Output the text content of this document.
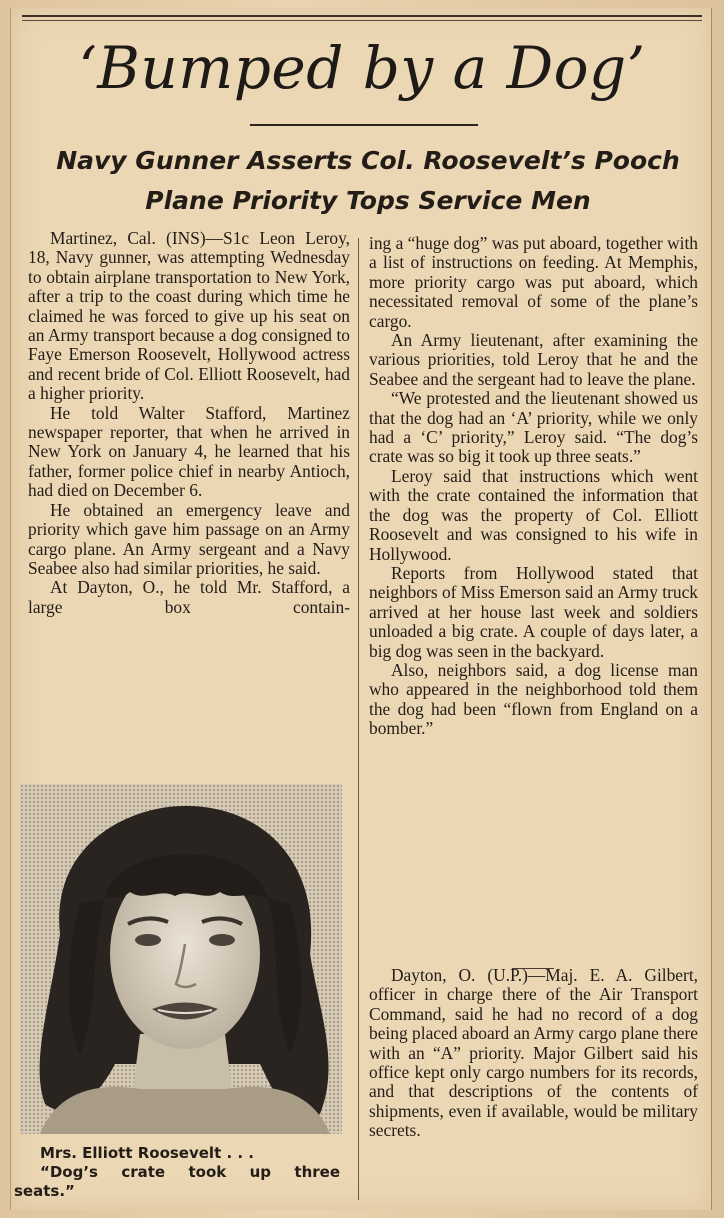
‘Bumped by a Dog’
Navy Gunner Asserts Col. Roosevelt’s Pooch
Plane Priority Tops Service Men

Martinez, Cal. (INS)—S1c Leon Leroy, 18, Navy gunner, was attempting Wednesday to obtain airplane transportation to New York, after a trip to the coast during which time he claimed he was forced to give up his seat on an Army transport because a dog consigned to Faye Emerson Roosevelt, Hollywood actress and recent bride of Col. Elliott Roosevelt, had a higher priority.

He told Walter Stafford, Martinez newspaper reporter, that when he arrived in New York on January 4, he learned that his father, former police chief in nearby Antioch, had died on December 6.

He obtained an emergency leave and priority which gave him passage on an Army cargo plane. An Army sergeant and a Navy Seabee also had similar priorities, he said.

At Dayton, O., he told Mr. Stafford, a large box contain-

ing a “huge dog” was put aboard, together with a list of instructions on feeding. At Memphis, more priority cargo was put aboard, which necessitated removal of some of the plane’s cargo.

An Army lieutenant, after examining the various priorities, told Leroy that he and the Seabee and the sergeant had to leave the plane.

“We protested and the lieutenant showed us that the dog had an ‘A’ priority, while we only had a ‘C’ priority,” Leroy said. “The dog’s crate was so big it took up three seats.”

Leroy said that instructions which went with the crate contained the information that the dog was the property of Col. Elliott Roosevelt and was consigned to his wife in Hollywood.

Reports from Hollywood stated that neighbors of Miss Emerson said an Army truck arrived at her house last week and soldiers unloaded a big crate. A couple of days later, a big dog was seen in the backyard.

Also, neighbors said, a dog license man who appeared in the neighborhood told them the dog had been “flown from England on a bomber.”

Dayton, O. (U.P.)—Maj. E. A. Gilbert, officer in charge there of the Air Transport Command, said he had no record of a dog being placed aboard an Army cargo plane there with an “A” priority. Major Gilbert said his office kept only cargo numbers for its records, and that descriptions of the contents of shipments, even if available, would be military secrets.

Mrs. Elliott Roosevelt . . .
“Dog’s crate took up three
seats.”
